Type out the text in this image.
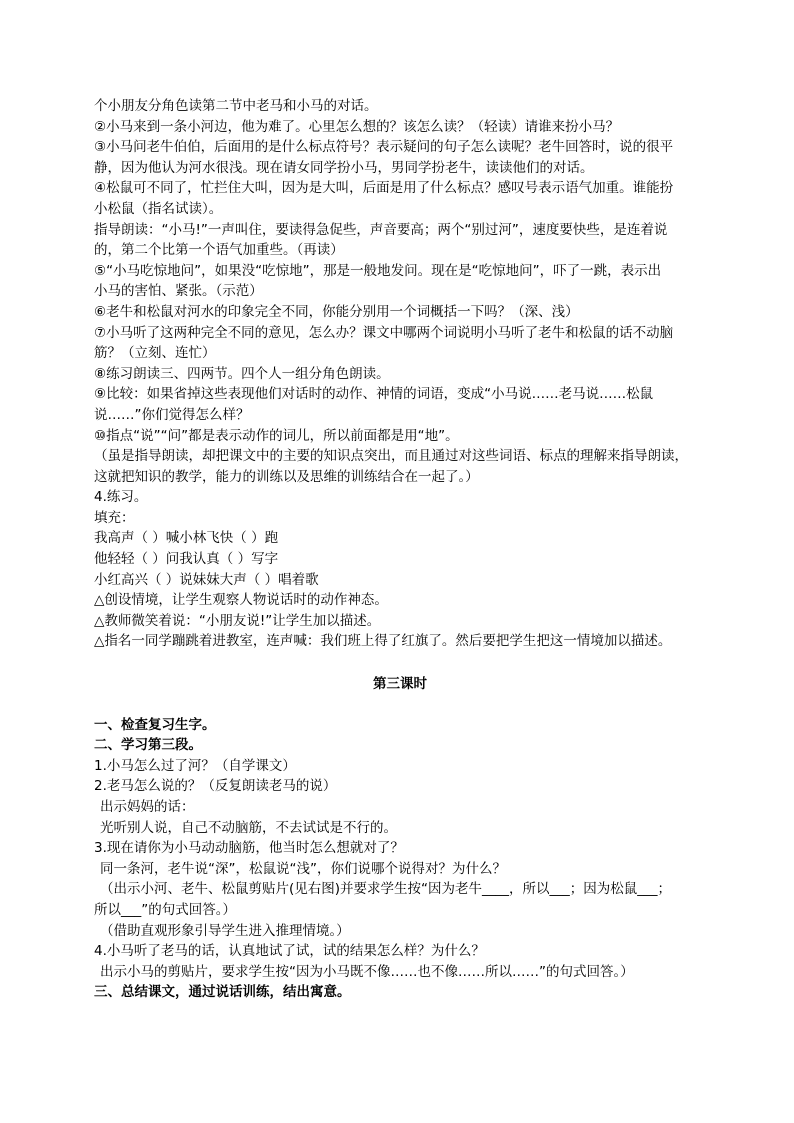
个小朋友分角色读第二节中老马和小马的对话。
②小马来到一条小河边，他为难了。心里怎么想的？该怎么读？（轻读）请谁来扮小马？
③小马问老牛伯伯，后面用的是什么标点符号？表示疑问的句子怎么读呢？老牛回答时，说的很平
静，因为他认为河水很浅。现在请女同学扮小马，男同学扮老牛，读读他们的对话。
④松鼠可不同了，忙拦住大叫，因为是大叫，后面是用了什么标点？感叹号表示语气加重。谁能扮
小松鼠（指名试读）。
指导朗读：“小马!”一声叫住，要读得急促些，声音要高；两个“别过河”，速度要快些，是连着说
的，第二个比第一个语气加重些。（再读）
⑤“小马吃惊地问”，如果没“吃惊地”，那是一般地发问。现在是“吃惊地问”，吓了一跳，表示出
小马的害怕、紧张。（示范）
⑥老牛和松鼠对河水的印象完全不同，你能分别用一个词概括一下吗？（深、浅）
⑦小马听了这两种完全不同的意见，怎么办？课文中哪两个词说明小马听了老牛和松鼠的话不动脑
筋？（立刻、连忙）
⑧练习朗读三、四两节。四个人一组分角色朗读。
⑨比较：如果省掉这些表现他们对话时的动作、神情的词语，变成“小马说……老马说……松鼠
说……”你们觉得怎么样？
⑩指点“说”“问”都是表示动作的词儿，所以前面都是用“地”。
（虽是指导朗读，却把课文中的主要的知识点突出，而且通过对这些词语、标点的理解来指导朗读，
这就把知识的教学，能力的训练以及思维的训练结合在一起了。）
4.练习。
填充：
我高声（ ）喊小林飞快（ ）跑
他轻轻（ ）问我认真（ ）写字
小红高兴（ ）说妹妹大声（ ）唱着歌
△创设情境，让学生观察人物说话时的动作神态。
△教师微笑着说：“小朋友说!”让学生加以描述。
△指名一同学蹦跳着进教室，连声喊：我们班上得了红旗了。然后要把学生把这一情境加以描述。
第三课时
一、检查复习生字。
二、学习第三段。
1.小马怎么过了河？（自学课文）
2.老马怎么说的？（反复朗读老马的说）
出示妈妈的话：
光听别人说，自己不动脑筋，不去试试是不行的。
3.现在请你为小马动动脑筋，他当时怎么想就对了？
同一条河，老牛说“深”，松鼠说“浅”，你们说哪个说得对？为什么？
（出示小河、老牛、松鼠剪贴片(见右图)并要求学生按“因为老牛____，所以___；因为松鼠___；
所以___”的句式回答。）
（借助直观形象引导学生进入推理情境。）
4.小马听了老马的话，认真地试了试，试的结果怎么样？为什么？
出示小马的剪贴片，要求学生按“因为小马既不像……也不像……所以……”的句式回答。）
三、总结课文，通过说话训练，结出寓意。
